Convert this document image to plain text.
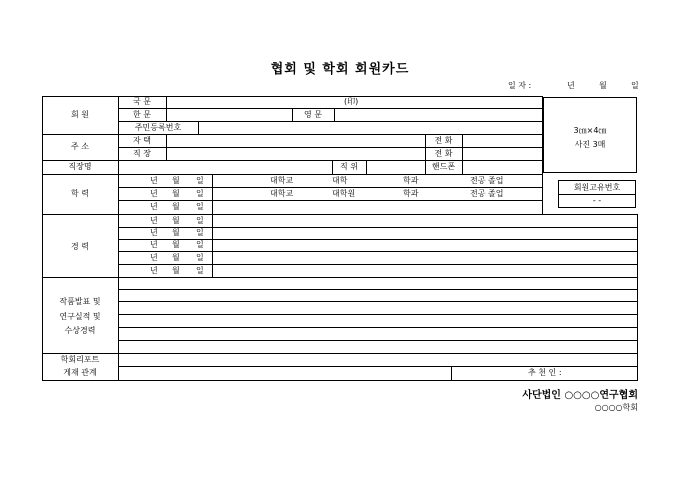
협회 및 학회 회원카드
일 자 :	년	월	일
회 원
국 문	(印)
한 문	영 문
주민등록번호
주 소
자 택	전 화
직 장	전 화
직장명	직 위	핸드폰
3㎝×4㎝
사진 3매
회원고유번호
- -
학 력
년 월 일	대학교	대학	학과	전공 졸업
년 월 일	대학교	대학원	학과	전공 졸업
년 월 일
경 력
년 월 일
년 월 일
년 월 일
년 월 일
년 월 일
작품발표 및
연구실적 및
수상경력
학회리포트
게재 관계	추 천 인 :
사단법인 ○○○○연구협회
○○○○학회
